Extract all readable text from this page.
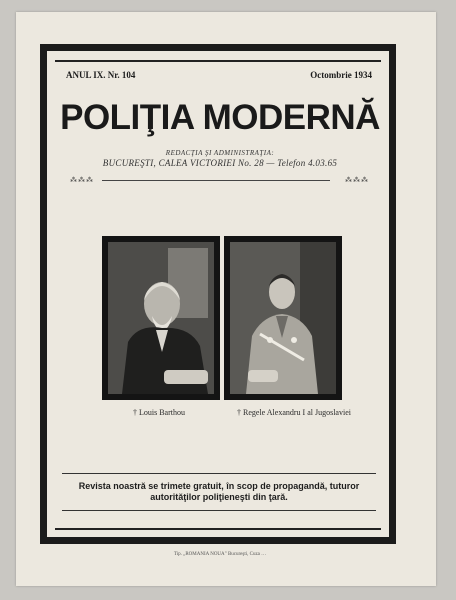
ANUL IX. Nr. 104	Octombrie 1934
POLIŢIA MODERNĂ
REDACŢIA ŞI ADMINISTRAŢIA:
BUCUREŞTI, CALEA VICTORIEI No. 28 — Telefon 4.03.65
⁂⁂⁂	⁂⁂⁂
† Louis Barthou	† Regele Alexandru I al Jugoslaviei
Revista noastră se trimete gratuit, în scop de propagandă, tuturor autorităţilor poliţieneşti din ţară.
Tip. „ROMANIA NOUA" Bucureşti, Cuza …
